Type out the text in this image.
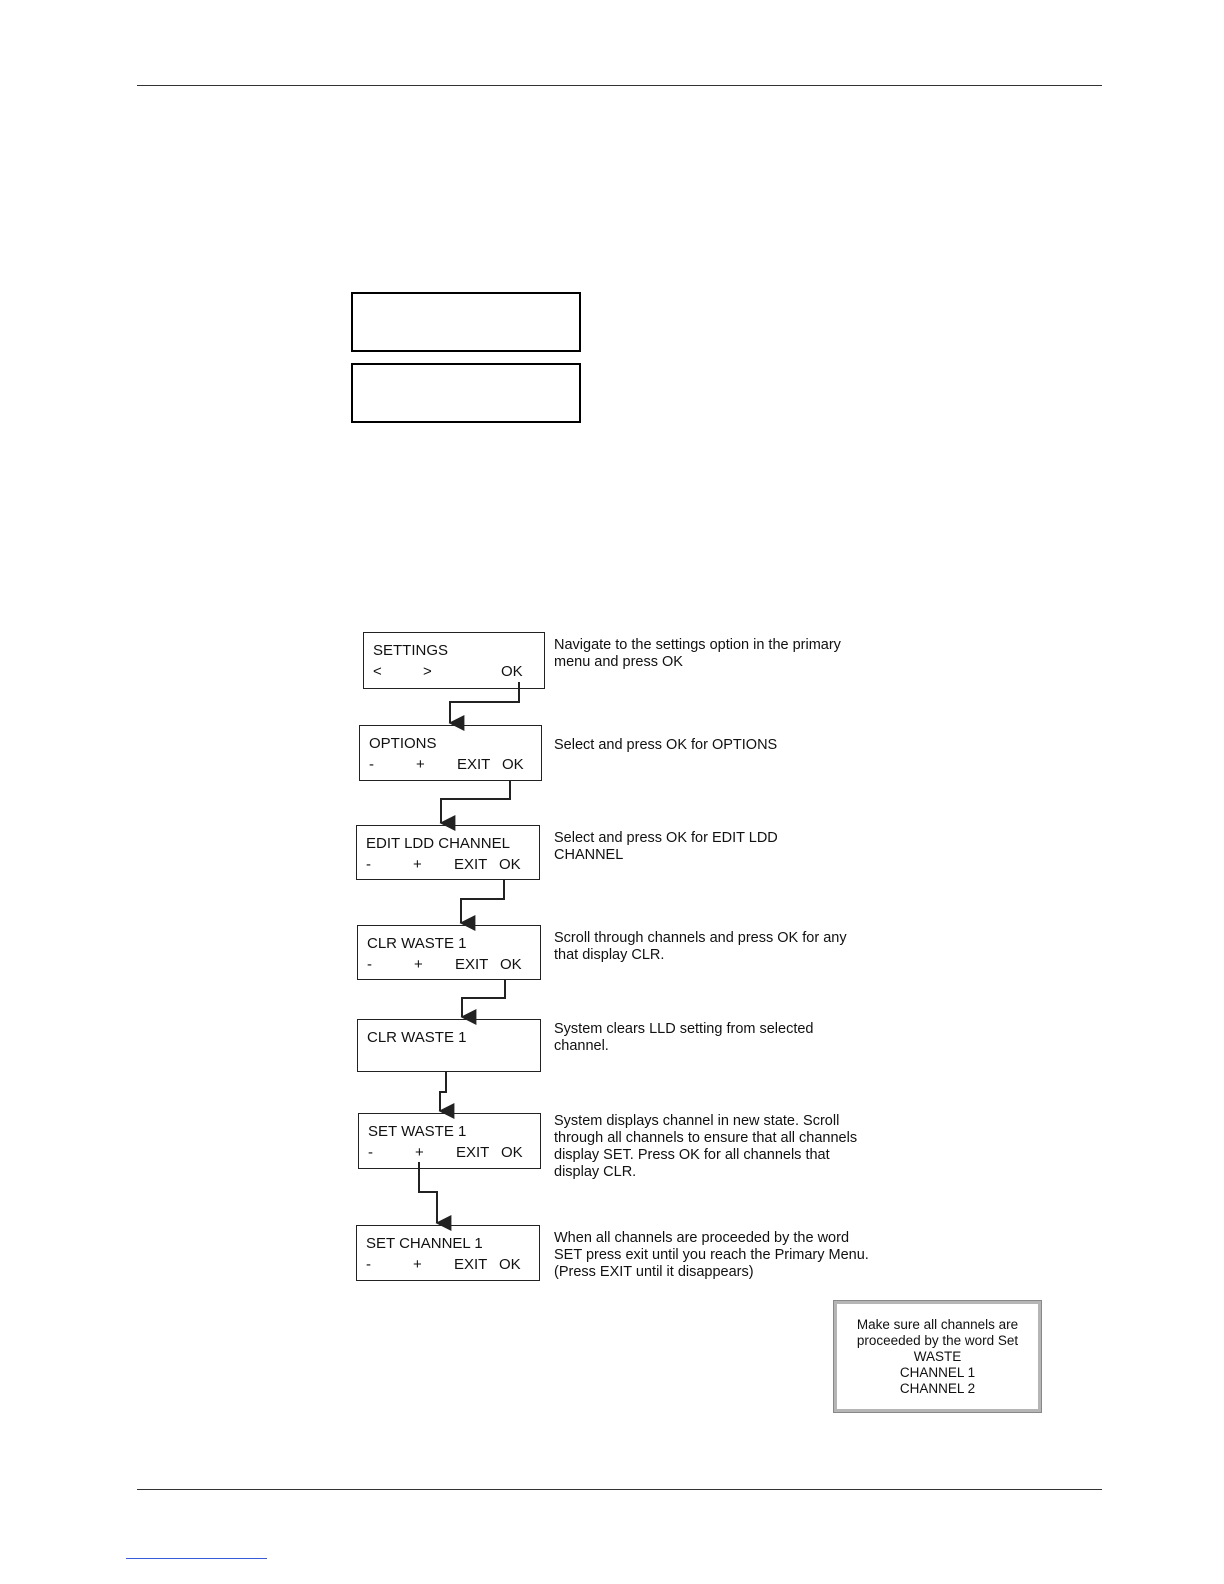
SETTINGS
<	>	OK
Navigate to the settings option in the primary menu and press OK
OPTIONS
-	+ EXIT OK
Select and press OK for OPTIONS
EDIT LDD CHANNEL
-	+ EXIT OK
Select and press OK for EDIT LDD CHANNEL
CLR WASTE 1
-	+ EXIT OK
Scroll through channels and press OK for any that display CLR.
CLR WASTE 1	System clears LLD setting from selected channel.
SET WASTE 1
-	+ EXIT OK
System displays channel in new state. Scroll through all channels to ensure that all channels display SET. Press OK for all channels that display CLR.
SET CHANNEL 1
-	+ EXIT OK
When all channels are proceeded by the word SET press exit until you reach the Primary Menu. (Press EXIT until it disappears)
Make sure all channels are
proceeded by the word Set
WASTE
CHANNEL 1
CHANNEL 2
